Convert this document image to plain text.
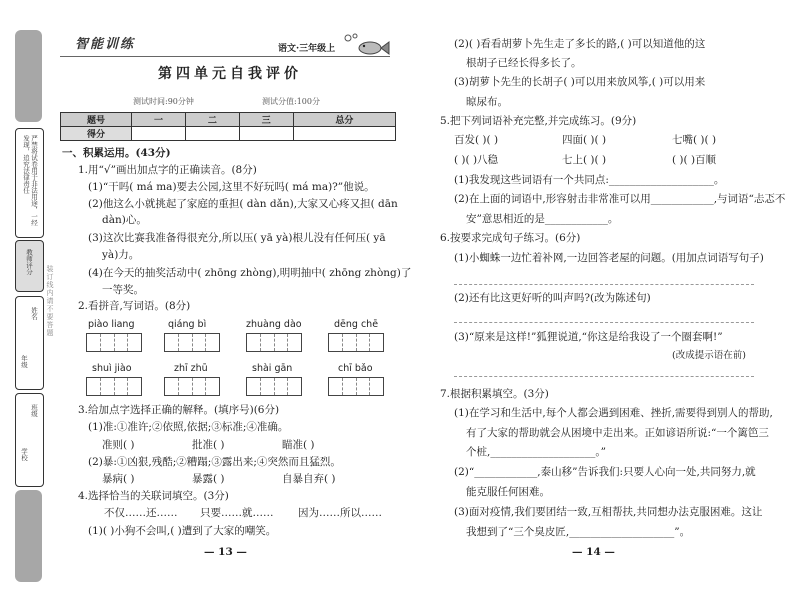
严禁将试卷用于非法用途，一经发现，追究法律责任
教师评分
年级
姓名
学校
班级
装订线内请不要答题
智能训练	语文·三年级上
第四单元自我评价
测试时间:90分钟	测试分值:100分
题号	一	二	三	总分
得分				
一、积累运用。(43分)
1.用“√”画出加点字的正确读音。(8分)
(1)“干吗( má ma)要去公园,这里不好玩吗( má ma)?”他说。
(2)他这么小就挑起了家庭的重担( dàn dǎn),大家又心疼又担( dān
dàn)心。
(3)这次比赛我准备得很充分,所以压( yā yà)根儿没有任何压( yā
yà)力。
(4)在今天的抽奖活动中( zhōng zhòng),明明抽中( zhōng zhòng)了
一等奖。
2.看拼音,写词语。(8分)
piào liang	qiáng bì	zhuàng dào	dēng chē
shuì jiào	zhī zhū	shài gān	chī bǎo
3.给加点字选择正确的解释。(填序号)(6分)
(1)准:①准许;②依照,依据;③标准;④准确。
准则( )	批准( )	瞄准( )
(2)暴:①凶狠,残酷;②糟蹋;③露出来;④突然而且猛烈。
暴病( )	暴露( )	自暴自弃( )
4.选择恰当的关联词填空。(3分)
不仅……还…… 只要……就…… 因为……所以……
(1)( )小狗不会叫,( )遭到了大家的嘲笑。
— 13 —
(2)( )看看胡萝卜先生走了多长的路,( )可以知道他的这
根胡子已经长得多长了。
(3)胡萝卜先生的长胡子( )可以用来放风筝,( )可以用来
晾尿布。
5.把下列词语补充完整,并完成练习。(9分)
百发( )( )	四面( )( )	七嘴( )( )
( )( )八稳	七上( )( )	( )( )百顺
(1)我发现这些词语有一个共同点:____________________。
(2)在上面的词语中,形容射击非常准可以用____________,与词语“忐忑不
安”意思相近的是____________。
6.按要求完成句子练习。(6分)
(1)小蜘蛛一边忙着补网,一边回答老屋的问题。(用加点词语写句子)
(2)还有比这更好听的叫声吗?(改为陈述句)
(3)“原来是这样!”狐狸说道,“你这是给我设了一个圈套啊!”
(改成提示语在前)
7.根据积累填空。(3分)
(1)在学习和生活中,每个人都会遇到困难、挫折,需要得到别人的帮助,
有了大家的帮助就会从困境中走出来。正如谚语所说:“一个篱笆三
个桩,____________________。”
(2)“____________,泰山移”告诉我们:只要人心向一处,共同努力,就
能克服任何困难。
(3)面对疫情,我们要团结一致,互相帮扶,共同想办法克服困难。这让
我想到了“三个臭皮匠,____________________”。
— 14 —
